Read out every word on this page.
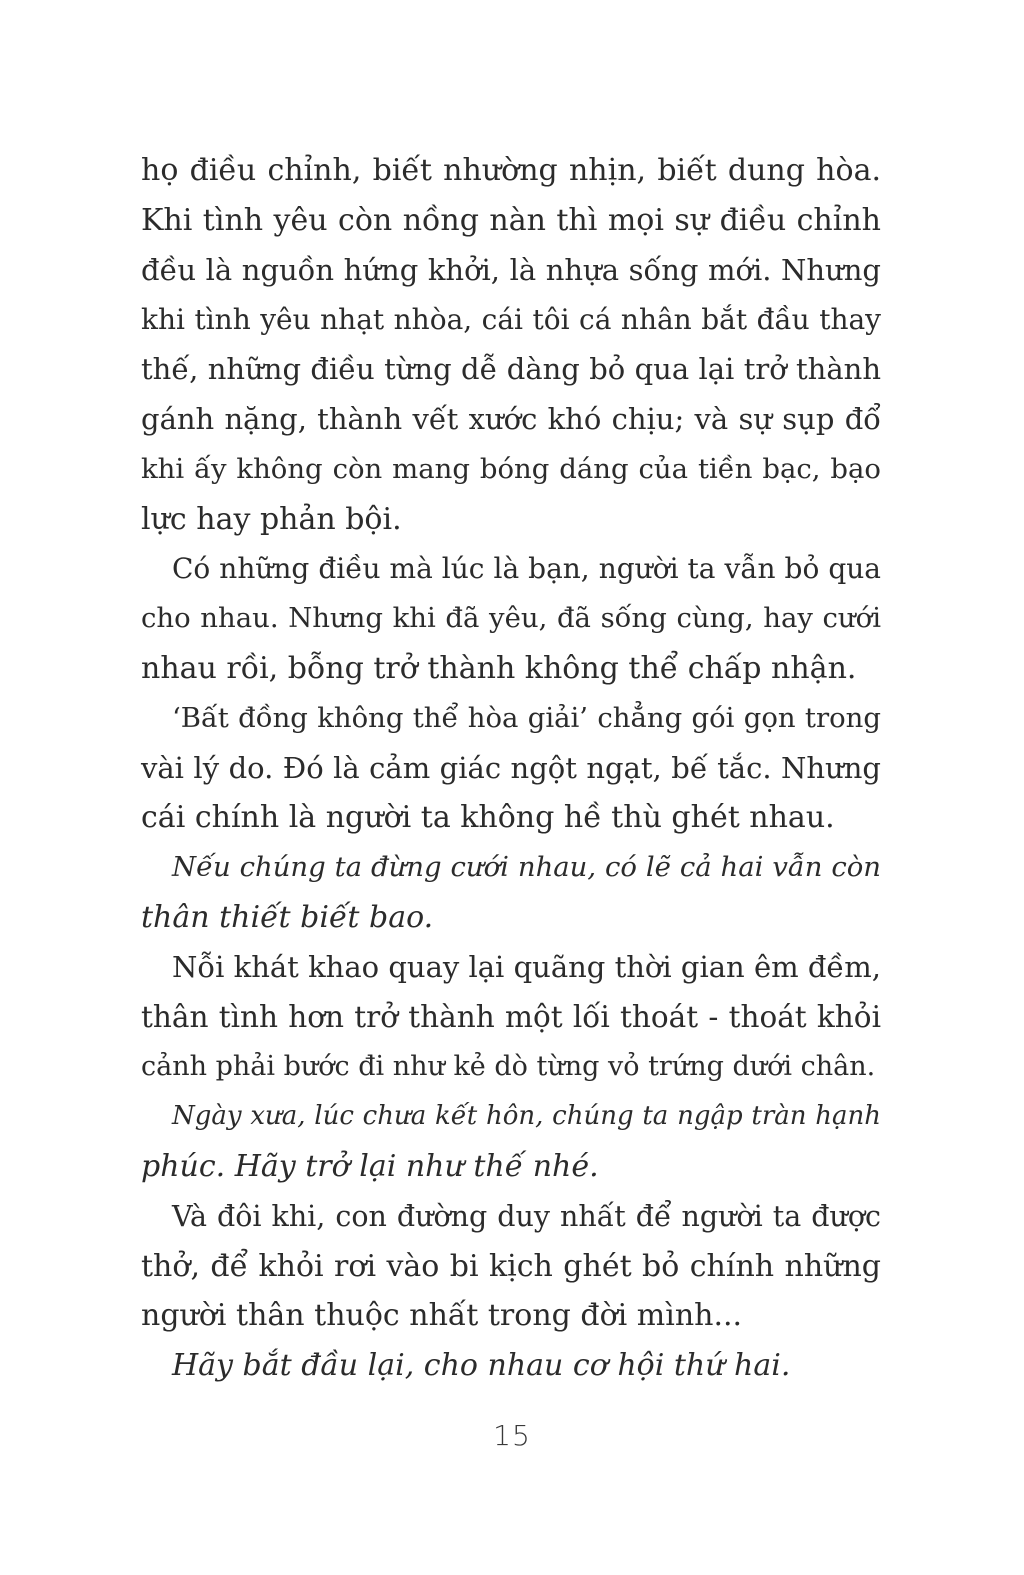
họ điều chỉnh, biết nhường nhịn, biết dung hòa.
Khi tình yêu còn nồng nàn thì mọi sự điều chỉnh
đều là nguồn hứng khởi, là nhựa sống mới. Nhưng
khi tình yêu nhạt nhòa, cái tôi cá nhân bắt đầu thay
thế, những điều từng dễ dàng bỏ qua lại trở thành
gánh nặng, thành vết xước khó chịu; và sự sụp đổ
khi ấy không còn mang bóng dáng của tiền bạc, bạo
lực hay phản bội.
Có những điều mà lúc là bạn, người ta vẫn bỏ qua
cho nhau. Nhưng khi đã yêu, đã sống cùng, hay cưới
nhau rồi, bỗng trở thành không thể chấp nhận.
‘Bất đồng không thể hòa giải’ chẳng gói gọn trong
vài lý do. Đó là cảm giác ngột ngạt, bế tắc. Nhưng
cái chính là người ta không hề thù ghét nhau.
Nếu chúng ta đừng cưới nhau, có lẽ cả hai vẫn còn
thân thiết biết bao.
Nỗi khát khao quay lại quãng thời gian êm đềm,
thân tình hơn trở thành một lối thoát - thoát khỏi
cảnh phải bước đi như kẻ dò từng vỏ trứng dưới chân.
Ngày xưa, lúc chưa kết hôn, chúng ta ngập tràn hạnh
phúc. Hãy trở lại như thế nhé.
Và đôi khi, con đường duy nhất để người ta được
thở, để khỏi rơi vào bi kịch ghét bỏ chính những
người thân thuộc nhất trong đời mình...
Hãy bắt đầu lại, cho nhau cơ hội thứ hai.
15
